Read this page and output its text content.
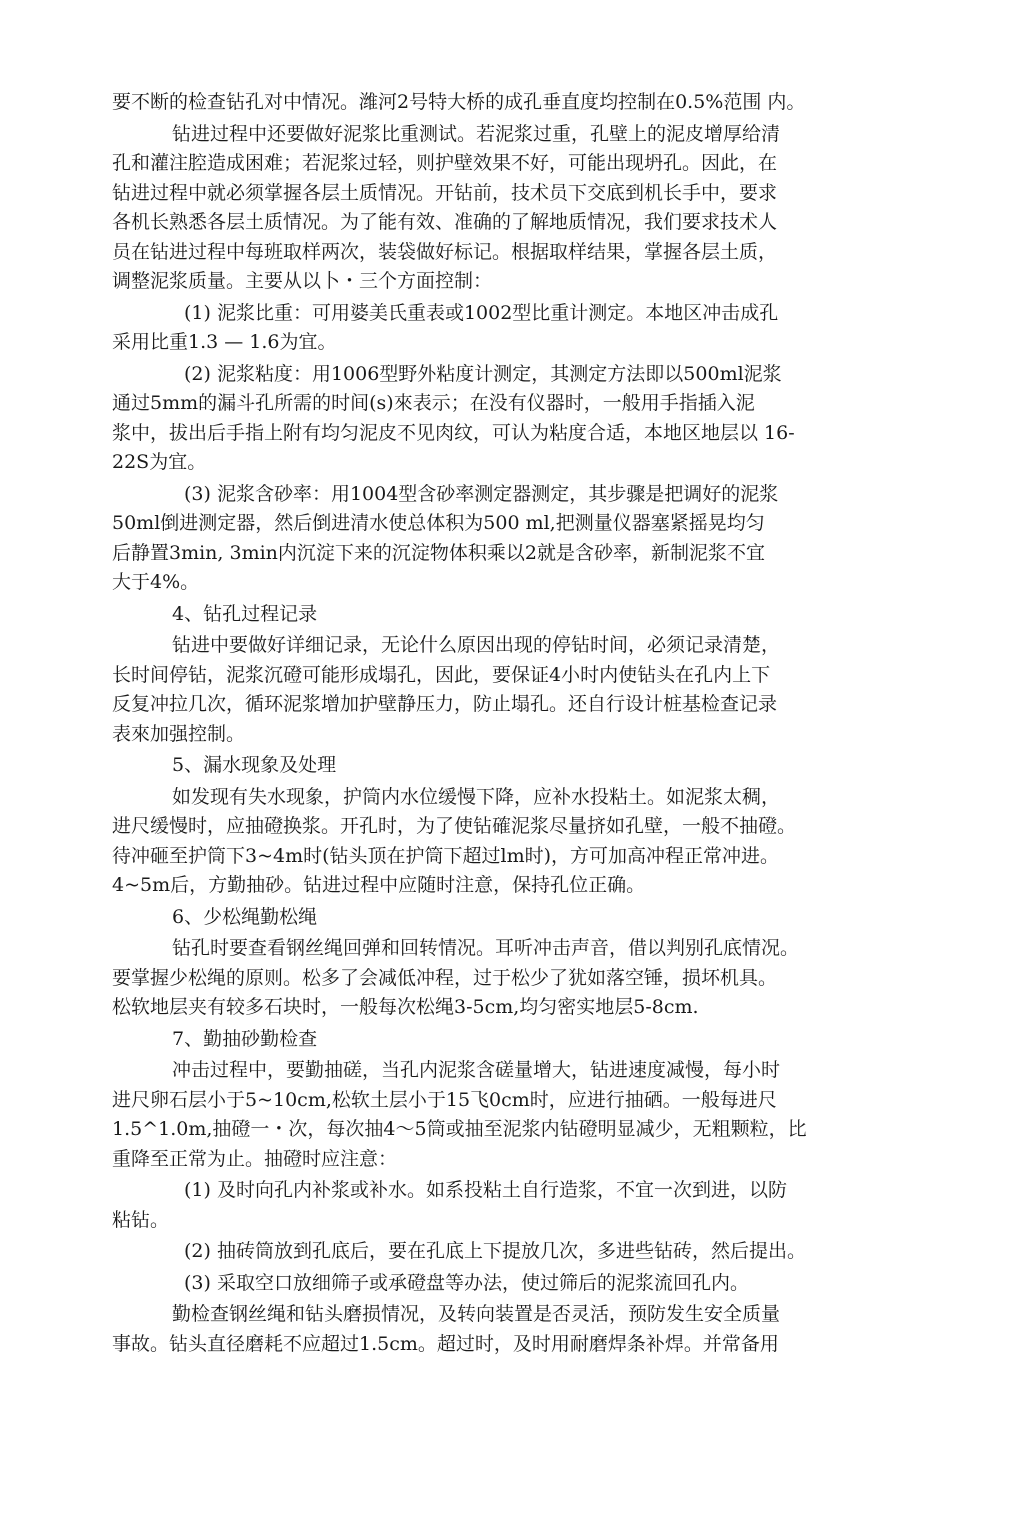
要不断的检查钻孔对中情况。潍河2号特大桥的成孔垂直度均控制在0.5%范围 内。
钻进过程中还要做好泥浆比重测试。若泥浆过重，孔壁上的泥皮增厚给清
孔和灌注腔造成困难；若泥浆过轻，则护壁效果不好，可能出现坍孔。因此，在
钻进过程中就必须掌握各层土质情况。开钻前，技术员下交底到机长手中，要求
各机长熟悉各层土质情况。为了能有效、准确的了解地质情况，我们要求技术人
员在钻进过程中每班取样两次，装袋做好标记。根据取样结果，掌握各层土质，
调整泥浆质量。主要从以卜・三个方面控制：
(1) 泥浆比重：可用婆美氏重表或1002型比重计测定。本地区冲击成孔
采用比重1.3 — 1.6为宜。
(2) 泥浆粘度：用1006型野外粘度计测定，其测定方法即以500ml泥浆
通过5mm的漏斗孔所需的时间(s)來表示；在没有仪器时，一般用手指插入泥
浆中，拔出后手指上附有均匀泥皮不见肉纹，可认为粘度合适，本地区地层以 16-
22S为宜。
(3) 泥浆含砂率：用1004型含砂率测定器测定，其步骤是把调好的泥浆
50ml倒进测定器，然后倒进清水使总体积为500 ml,把测量仪器塞紧摇晃均匀
后静置3min, 3min内沉淀下来的沉淀物体积乘以2就是含砂率，新制泥浆不宜
大于4%。
4、钻孔过程记录
钻进中要做好详细记录，无论什么原因出现的停钻时间，必须记录清楚，
长时间停钻，泥浆沉磴可能形成塌孔，因此，要保证4小时内使钻头在孔内上下
反复冲拉几次，循环泥浆增加护壁静压力，防止塌孔。还自行设计桩基检查记录
表來加强控制。
5、漏水现象及处理
如发现有失水现象，护筒内水位缓慢下降，应补水投粘土。如泥浆太稠，
进尺缓慢时，应抽磴换浆。开孔时，为了使钻確泥浆尽量挤如孔壁，一般不抽磴。
待冲砸至护筒下3~4m时(钻头顶在护筒下超过lm时)，方可加高冲程正常冲进。
4~5m后，方勤抽砂。钻进过程中应随时注意，保持孔位正确。
6、少松绳勤松绳
钻孔时要查看钢丝绳回弹和回转情况。耳听冲击声音，借以判别孔底情况。
要掌握少松绳的原则。松多了会减低冲程，过于松少了犹如落空锤，损坏机具。
松软地层夹有较多石块时，一般每次松绳3-5cm,均匀密实地层5-8cm.
7、勤抽砂勤检查
冲击过程中，要勤抽磋，当孔内泥浆含磋量增大，钻进速度减慢，每小时
进尺卵石层小于5~10cm,松软土层小于15飞0cm时，应进行抽硒。一般每进尺
1.5^1.0m,抽磴一・次，每次抽4～5筒或抽至泥浆内钻磴明显减少，无粗颗粒，比
重降至正常为止。抽磴时应注意：
(1) 及时向孔内补浆或补水。如系投粘土自行造浆，不宜一次到进，以防
粘钻。
(2) 抽砖筒放到孔底后，要在孔底上下提放几次，多进些钻砖，然后提出。
(3) 采取空口放细筛子或承磴盘等办法，使过筛后的泥浆流回孔内。
勤检查钢丝绳和钻头磨损情况，及转向装置是否灵活，预防发生安全质量
事故。钻头直径磨耗不应超过1.5cm。超过时，及时用耐磨焊条补焊。并常备用
